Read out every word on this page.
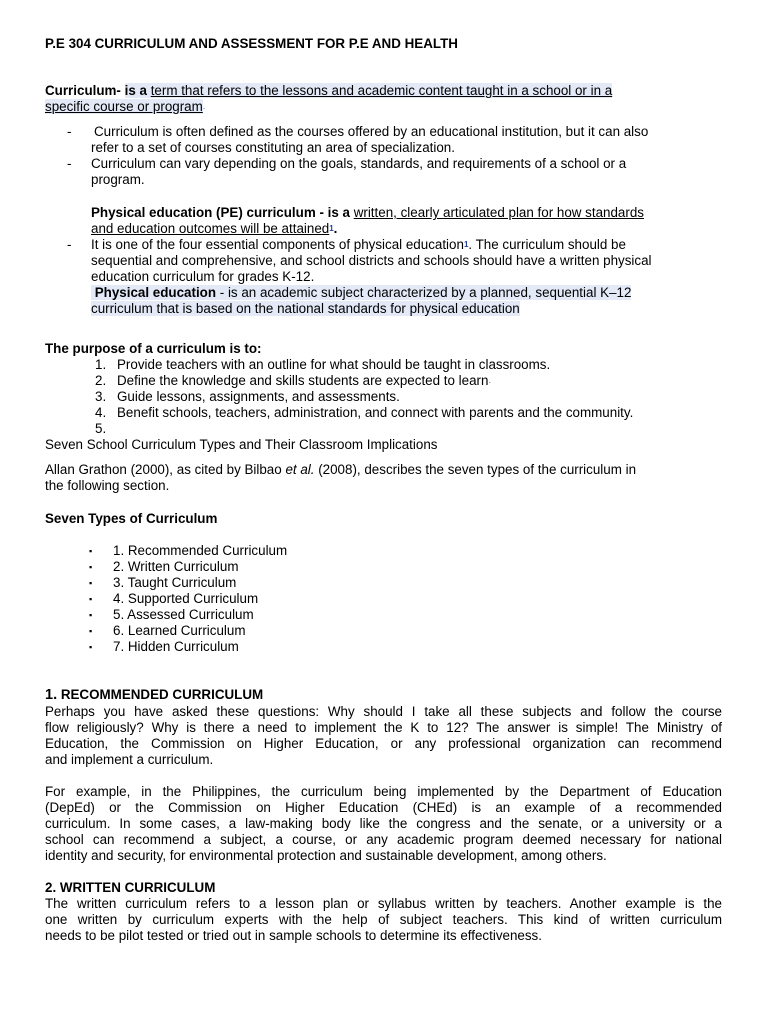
P.E 304 CURRICULUM AND ASSESSMENT FOR P.E AND HEALTH
Curriculum- is a term that refers to the lessons and academic content taught in a school or in a
specific course or program·
- Curriculum is often defined as the courses offered by an educational institution, but it can also
refer to a set of courses constituting an area of specialization.
- Curriculum can vary depending on the goals, standards, and requirements of a school or a
program.
Physical education (PE) curriculum - is a written, clearly articulated plan for how standards
and education outcomes will be attained$^1$.
- It is one of the four essential components of physical education$^1$. The curriculum should be
sequential and comprehensive, and school districts and schools should have a written physical
education curriculum for grades K-12.
Physical education - is an academic subject characterized by a planned, sequential K–12
curriculum that is based on the national standards for physical education
The purpose of a curriculum is to:
1. Provide teachers with an outline for what should be taught in classrooms.
2. Define the knowledge and skills students are expected to learn·
3. Guide lessons, assignments, and assessments.
4. Benefit schools, teachers, administration, and connect with parents and the community.
5.
Seven School Curriculum Types and Their Classroom Implications
Allan Grathon (2000), as cited by Bilbao et al. (2008), describes the seven types of the curriculum in
the following section.
Seven Types of Curriculum
▪ 1. Recommended Curriculum
▪ 2. Written Curriculum
▪ 3. Taught Curriculum
▪ 4. Supported Curriculum
▪ 5. Assessed Curriculum
▪ 6. Learned Curriculum
▪ 7. Hidden Curriculum
1. RECOMMENDED CURRICULUM
Perhaps you have asked these questions: Why should I take all these subjects and follow the course
flow religiously? Why is there a need to implement the K to 12? The answer is simple! The Ministry of
Education, the Commission on Higher Education, or any professional organization can recommend
and implement a curriculum.
For example, in the Philippines, the curriculum being implemented by the Department of Education
(DepEd) or the Commission on Higher Education (CHEd) is an example of a recommended
curriculum. In some cases, a law-making body like the congress and the senate, or a university or a
school can recommend a subject, a course, or any academic program deemed necessary for national
identity and security, for environmental protection and sustainable development, among others.
2. WRITTEN CURRICULUM
The written curriculum refers to a lesson plan or syllabus written by teachers. Another example is the
one written by curriculum experts with the help of subject teachers. This kind of written curriculum
needs to be pilot tested or tried out in sample schools to determine its effectiveness.
